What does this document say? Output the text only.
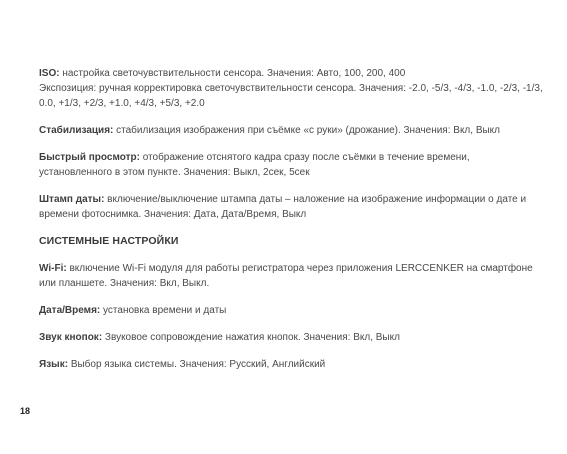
ISO: настройка светочувствительности сенсора. Значения: Авто, 100, 200, 400
Экспозиция: ручная корректировка светочувствительности сенсора. Значения: -2.0, -5/3, -4/3, -1.0, -2/3, -1/3, 0.0, +1/3, +2/3, +1.0, +4/3, +5/3, +2.0
Стабилизация: стабилизация изображения при съёмке «с руки» (дрожание). Значения: Вкл, Выкл
Быстрый просмотр: отображение отснятого кадра сразу после съёмки в течение времени, установленного в этом пункте. Значения: Выкл, 2сек, 5сек
Штамп даты: включение/выключение штампа даты – наложение на изображение информации о дате и времени фотоснимка. Значения: Дата, Дата/Время, Выкл
СИСТЕМНЫЕ НАСТРОЙКИ
Wi-Fi: включение Wi-Fi модуля для работы регистратора через приложения LERCCENKER на смартфоне или планшете. Значения: Вкл, Выкл.
Дата/Время: установка времени и даты
Звук кнопок: Звуковое сопровождение нажатия кнопок. Значения: Вкл, Выкл
Язык: Выбор языка системы. Значения: Русский, Английский
18
